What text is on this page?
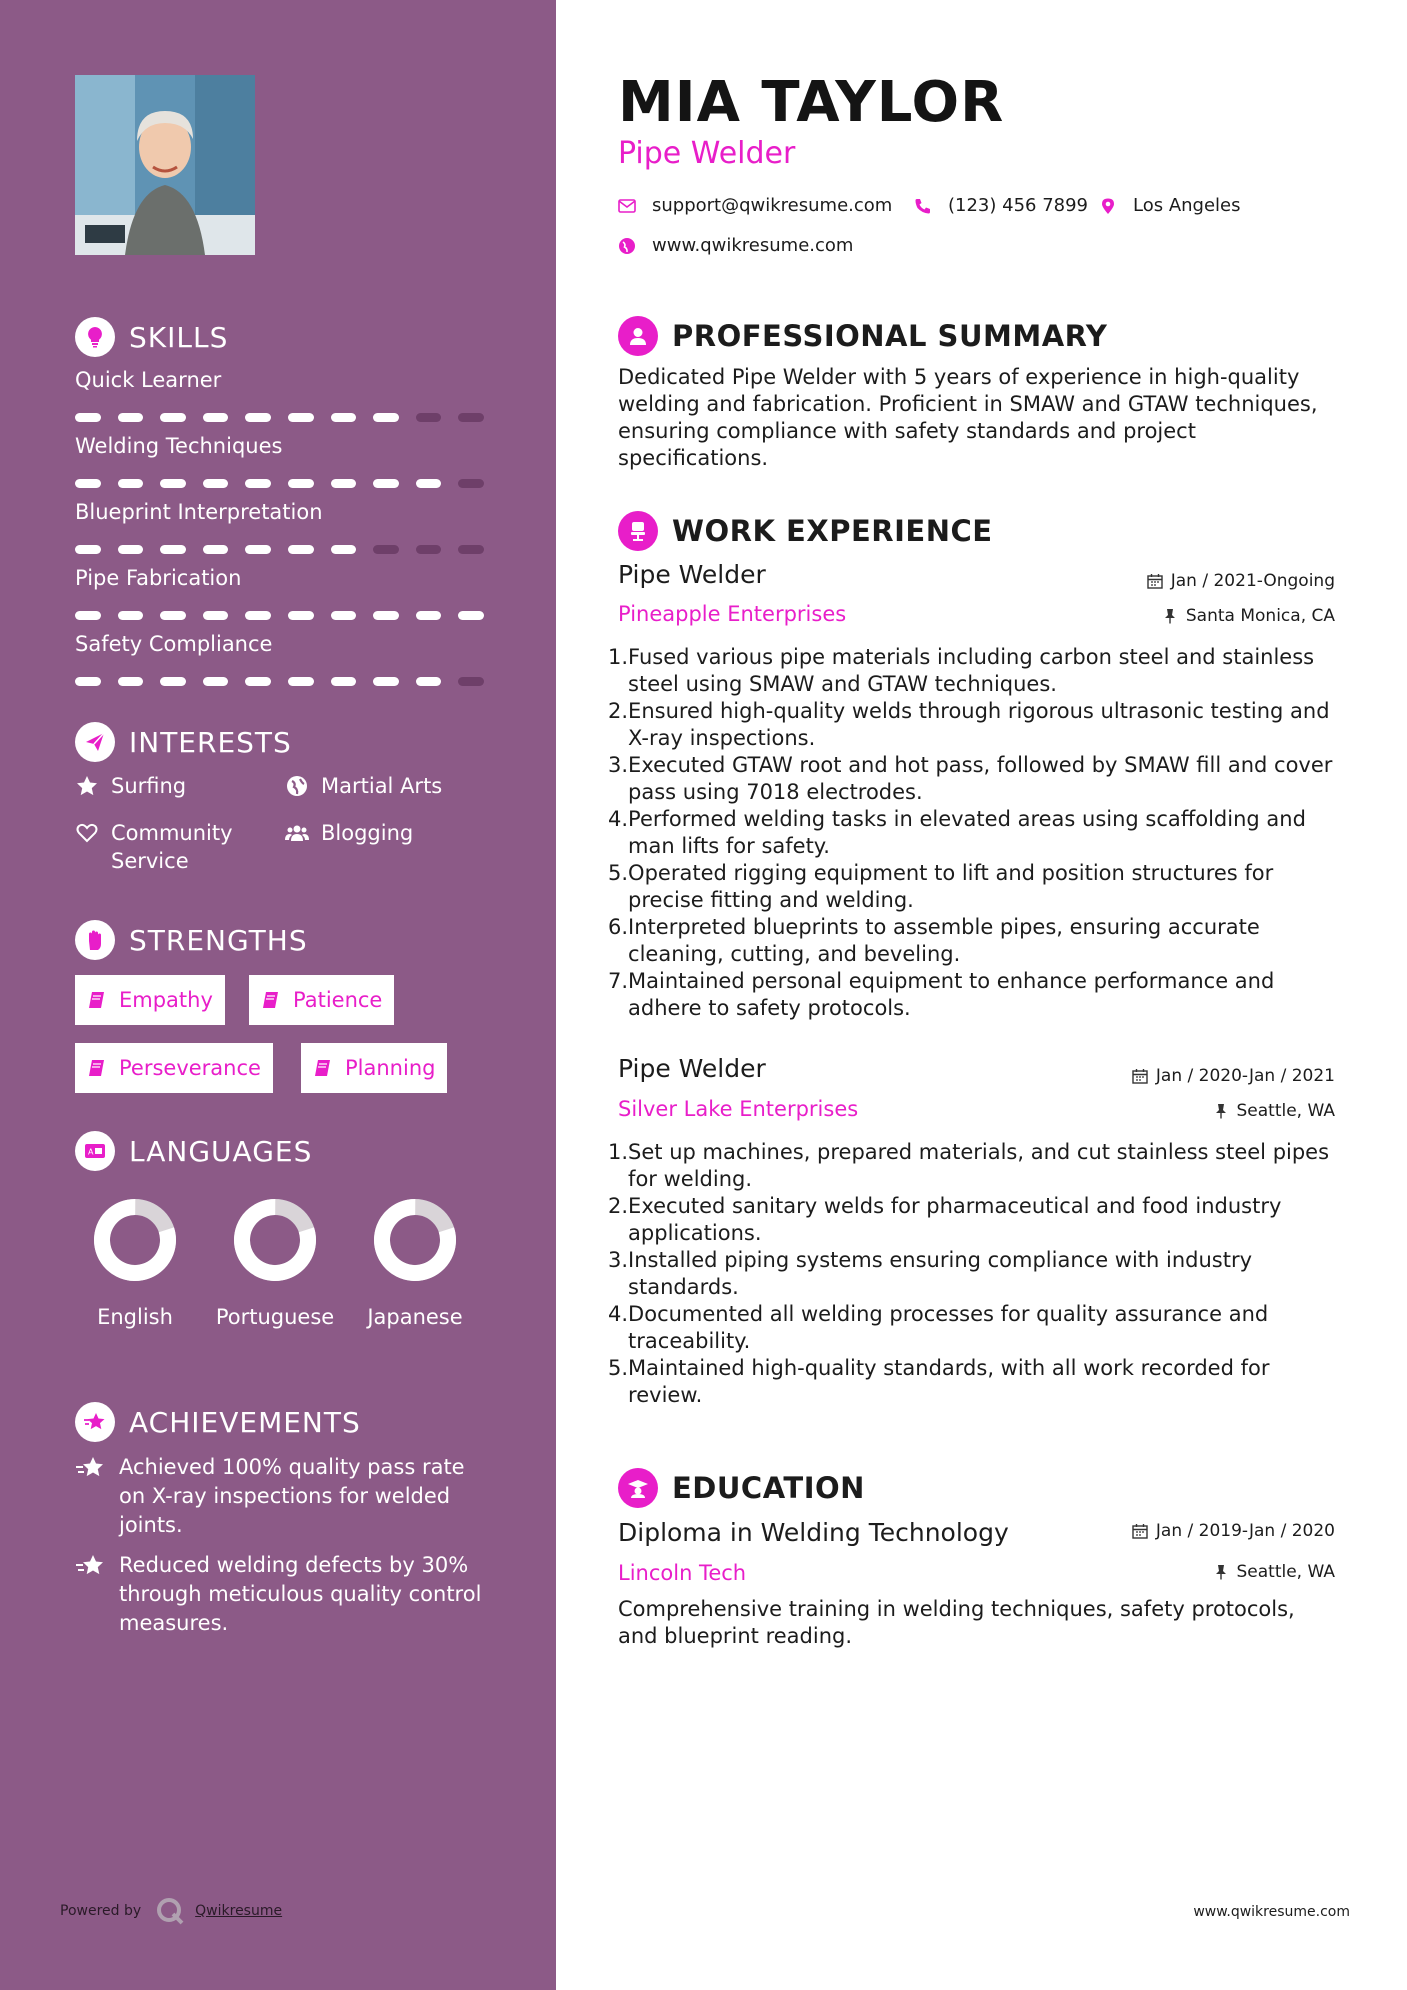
SKILLS
Quick Learner
Welding Techniques
Blueprint Interpretation
Pipe Fabrication
Safety Compliance
INTERESTS
Surfing	Martial Arts
Community Service
Blogging
STRENGTHS
Empathy	Patience
Perseverance	Planning
A LANGUAGES
English	Portuguese	Japanese
ACHIEVEMENTS
Achieved 100% quality pass rate on X-ray inspections for welded joints.
Reduced welding defects by 30% through meticulous quality control measures.
Powered by	Qwikresume
MIA TAYLOR
Pipe Welder
support@qwikresume.com	(123) 456 7899 Los Angeles
www.qwikresume.com
PROFESSIONAL SUMMARY
Dedicated Pipe Welder with 5 years of experience in high-quality welding and fabrication. Proficient in SMAW and GTAW techniques, ensuring compliance with safety standards and project specifications.
WORK EXPERIENCE
Pipe Welder
Pineapple Enterprises
Jan / 2021-Ongoing
Santa Monica, CA
1. Fused various pipe materials including carbon steel and stainless steel using SMAW and GTAW techniques.
2. Ensured high-quality welds through rigorous ultrasonic testing and X-ray inspections.
3. Executed GTAW root and hot pass, followed by SMAW fill and cover pass using 7018 electrodes.
4. Performed welding tasks in elevated areas using scaffolding and man lifts for safety.
5. Operated rigging equipment to lift and position structures for precise fitting and welding.
6. Interpreted blueprints to assemble pipes, ensuring accurate cleaning, cutting, and beveling.
7. Maintained personal equipment to enhance performance and adhere to safety protocols.
Pipe Welder
Silver Lake Enterprises
Jan / 2020-Jan / 2021
Seattle, WA
1. Set up machines, prepared materials, and cut stainless steel pipes for welding.
2. Executed sanitary welds for pharmaceutical and food industry applications.
3. Installed piping systems ensuring compliance with industry standards.
4. Documented all welding processes for quality assurance and traceability.
5. Maintained high-quality standards, with all work recorded for review.
EDUCATION
Diploma in Welding Technology
Lincoln Tech
Jan / 2019-Jan / 2020
Seattle, WA
Comprehensive training in welding techniques, safety protocols, and blueprint reading.
www.qwikresume.com
